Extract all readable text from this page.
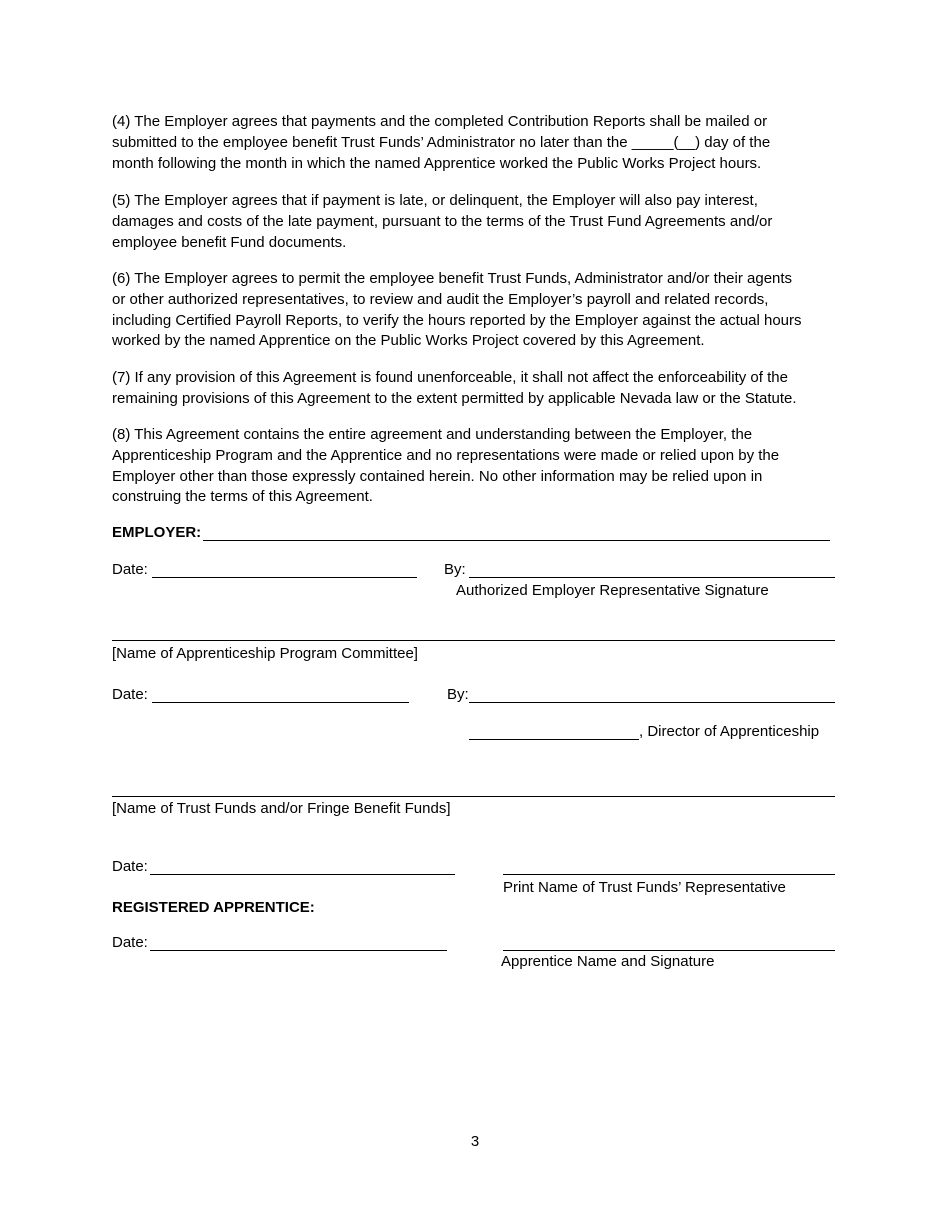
(4) The Employer agrees that payments and the completed Contribution Reports shall be mailed or
submitted to the employee benefit Trust Funds’ Administrator no later than the _____(__) day of the
month following the month in which the named Apprentice worked the Public Works Project hours.

(5) The Employer agrees that if payment is late, or delinquent, the Employer will also pay interest,
damages and costs of the late payment, pursuant to the terms of the Trust Fund Agreements and/or
employee benefit Fund documents.

(6) The Employer agrees to permit the employee benefit Trust Funds, Administrator and/or their agents
or other authorized representatives, to review and audit the Employer’s payroll and related records,
including Certified Payroll Reports, to verify the hours reported by the Employer against the actual hours
worked by the named Apprentice on the Public Works Project covered by this Agreement.

(7) If any provision of this Agreement is found unenforceable, it shall not affect the enforceability of the
remaining provisions of this Agreement to the extent permitted by applicable Nevada law or the Statute.

(8) This Agreement contains the entire agreement and understanding between the Employer, the
Apprenticeship Program and the Apprentice and no representations were made or relied upon by the
Employer other than those expressly contained herein. No other information may be relied upon in
construing the terms of this Agreement.

EMPLOYER:
Date:	By:
Authorized Employer Representative Signature
[Name of Apprenticeship Program Committee]
Date:	By:
, Director of Apprenticeship
[Name of Trust Funds and/or Fringe Benefit Funds]
Date:
Print Name of Trust Funds’ Representative
REGISTERED APPRENTICE:
Date:
Apprentice Name and Signature
3
